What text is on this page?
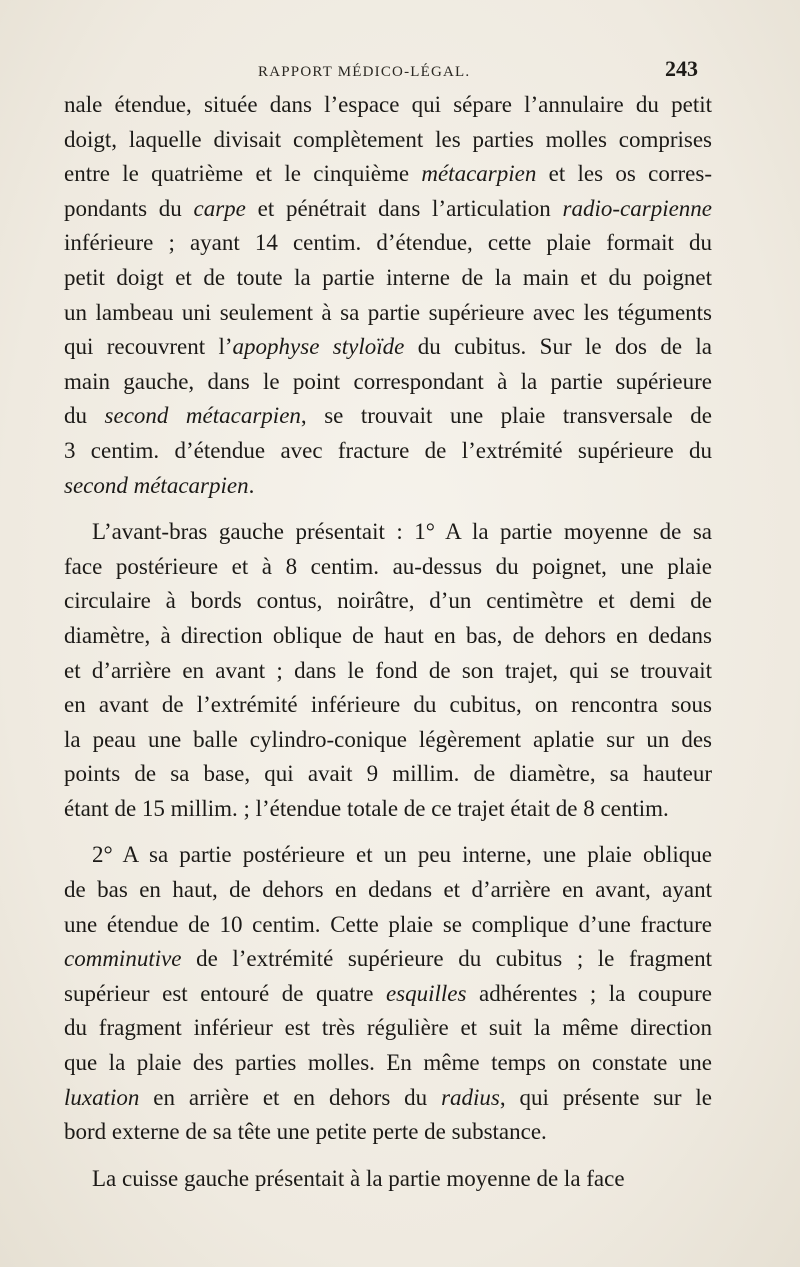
RAPPORT MÉDICO-LÉGAL.	243
nale étendue, située dans l’espace qui sépare l’annulaire du petit
doigt, laquelle divisait complètement les parties molles comprises
entre le quatrième et le cinquième métacarpien et les os corres-
pondants du carpe et pénétrait dans l’articulation radio-carpienne
inférieure ; ayant 14 centim. d’étendue, cette plaie formait du
petit doigt et de toute la partie interne de la main et du poignet
un lambeau uni seulement à sa partie supérieure avec les téguments
qui recouvrent l’apophyse styloïde du cubitus. Sur le dos de la
main gauche, dans le point correspondant à la partie supérieure
du second métacarpien, se trouvait une plaie transversale de
3 centim. d’étendue avec fracture de l’extrémité supérieure du
second métacarpien.
L’avant-bras gauche présentait : 1° A la partie moyenne de sa
face postérieure et à 8 centim. au-dessus du poignet, une plaie
circulaire à bords contus, noirâtre, d’un centimètre et demi de
diamètre, à direction oblique de haut en bas, de dehors en dedans
et d’arrière en avant ; dans le fond de son trajet, qui se trouvait
en avant de l’extrémité inférieure du cubitus, on rencontra sous
la peau une balle cylindro-conique légèrement aplatie sur un des
points de sa base, qui avait 9 millim. de diamètre, sa hauteur
étant de 15 millim. ; l’étendue totale de ce trajet était de 8 centim.
2° A sa partie postérieure et un peu interne, une plaie oblique
de bas en haut, de dehors en dedans et d’arrière en avant, ayant
une étendue de 10 centim. Cette plaie se complique d’une fracture
comminutive de l’extrémité supérieure du cubitus ; le fragment
supérieur est entouré de quatre esquilles adhérentes ; la coupure
du fragment inférieur est très régulière et suit la même direction
que la plaie des parties molles. En même temps on constate une
luxation en arrière et en dehors du radius, qui présente sur le
bord externe de sa tête une petite perte de substance.
La cuisse gauche présentait à la partie moyenne de la face
